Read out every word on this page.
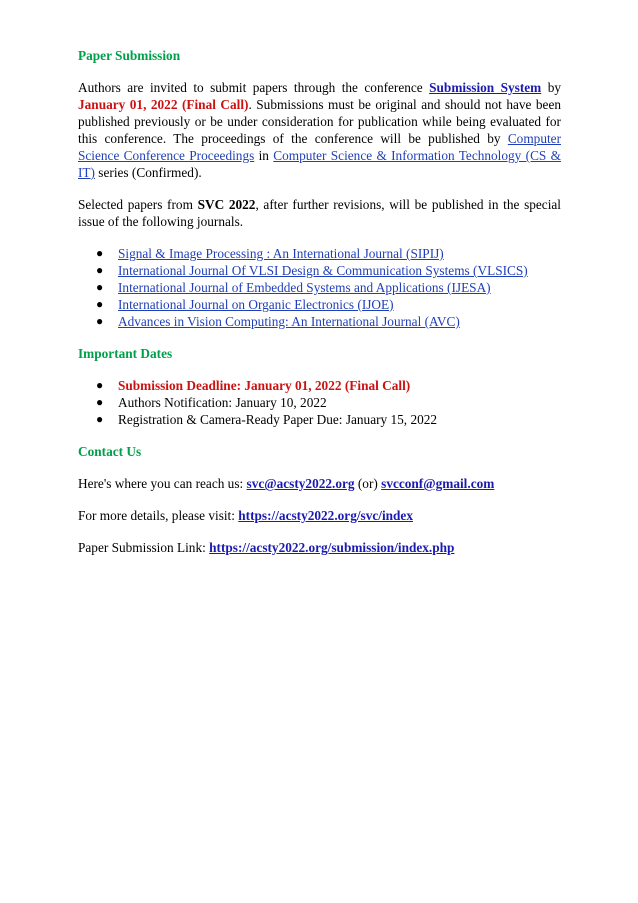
Paper Submission

Authors are invited to submit papers through the conference Submission System by January 01, 2022 (Final Call). Submissions must be original and should not have been published previously or be under consideration for publication while being evaluated for this conference. The proceedings of the conference will be published by Computer Science Conference Proceedings in Computer Science & Information Technology (CS & IT) series (Confirmed).

Selected papers from SVC 2022, after further revisions, will be published in the special issue of the following journals.

● Signal & Image Processing : An International Journal (SIPIJ)
● International Journal Of VLSI Design & Communication Systems (VLSICS)
● International Journal of Embedded Systems and Applications (IJESA)
● International Journal on Organic Electronics (IJOE)
● Advances in Vision Computing: An International Journal (AVC)
Important Dates
● Submission Deadline: January 01, 2022 (Final Call)
● Authors Notification: January 10, 2022
● Registration & Camera-Ready Paper Due: January 15, 2022
Contact Us

Here's where you can reach us: svc@acsty2022.org (or) svcconf@gmail.com

For more details, please visit: https://acsty2022.org/svc/index

Paper Submission Link: https://acsty2022.org/submission/index.php
